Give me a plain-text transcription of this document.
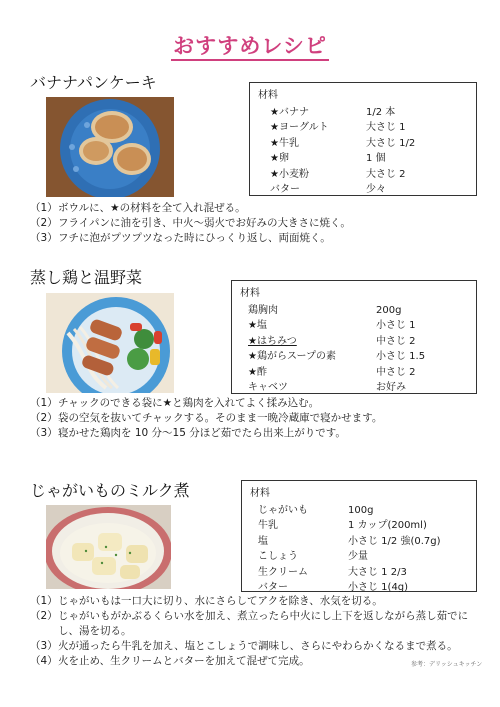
おすすめレシピ
バナナパンケーキ
材料
★バナナ	1/2 本
★ヨーグルト	大さじ 1
★牛乳	大さじ 1/2
★卵	1 個
★小麦粉	大さじ 2
バター	少々
（1） ボウルに、★の材料を全て入れ混ぜる。
（2） フライパンに油を引き、中火～弱火でお好みの大きさに焼く。
（3） フチに泡がプツプツなった時にひっくり返し、両面焼く。
蒸し鶏と温野菜
材料
鶏胸肉	200g
★塩	小さじ 1
★はちみつ	中さじ 2
★鶏がらスープの素	小さじ 1.5
★酢	中さじ 2
キャベツ	お好み
（1） チャックのできる袋に★と鶏肉を入れてよく揉み込む。
（2） 袋の空気を抜いてチャックする。そのまま一晩冷蔵庫で寝かせます。
（3） 寝かせた鶏肉を 10 分～15 分ほど茹でたら出来上がりです。
じゃがいものミルク煮	材料
じゃがいも	100g
牛乳	1 カップ(200ml)
塩	小さじ 1/2 強(0.7g)
こしょう	少量
生クリーム	大さじ 1 2/3
バター	小さじ 1(4g)
（1） じゃがいもは一口大に切り、水にさらしてアクを除き、水気を切る。
（2） じゃがいもがかぶるくらい水を加え、煮立ったら中火にし上下を返しながら蒸し茹でにし、湯を切る。
（3） 火が通ったら牛乳を加え、塩とこしょうで調味し、さらにやわらかくなるまで煮る。
（4） 火を止め、生クリームとバターを加えて混ぜて完成。	参考：デリッシュキッチン
